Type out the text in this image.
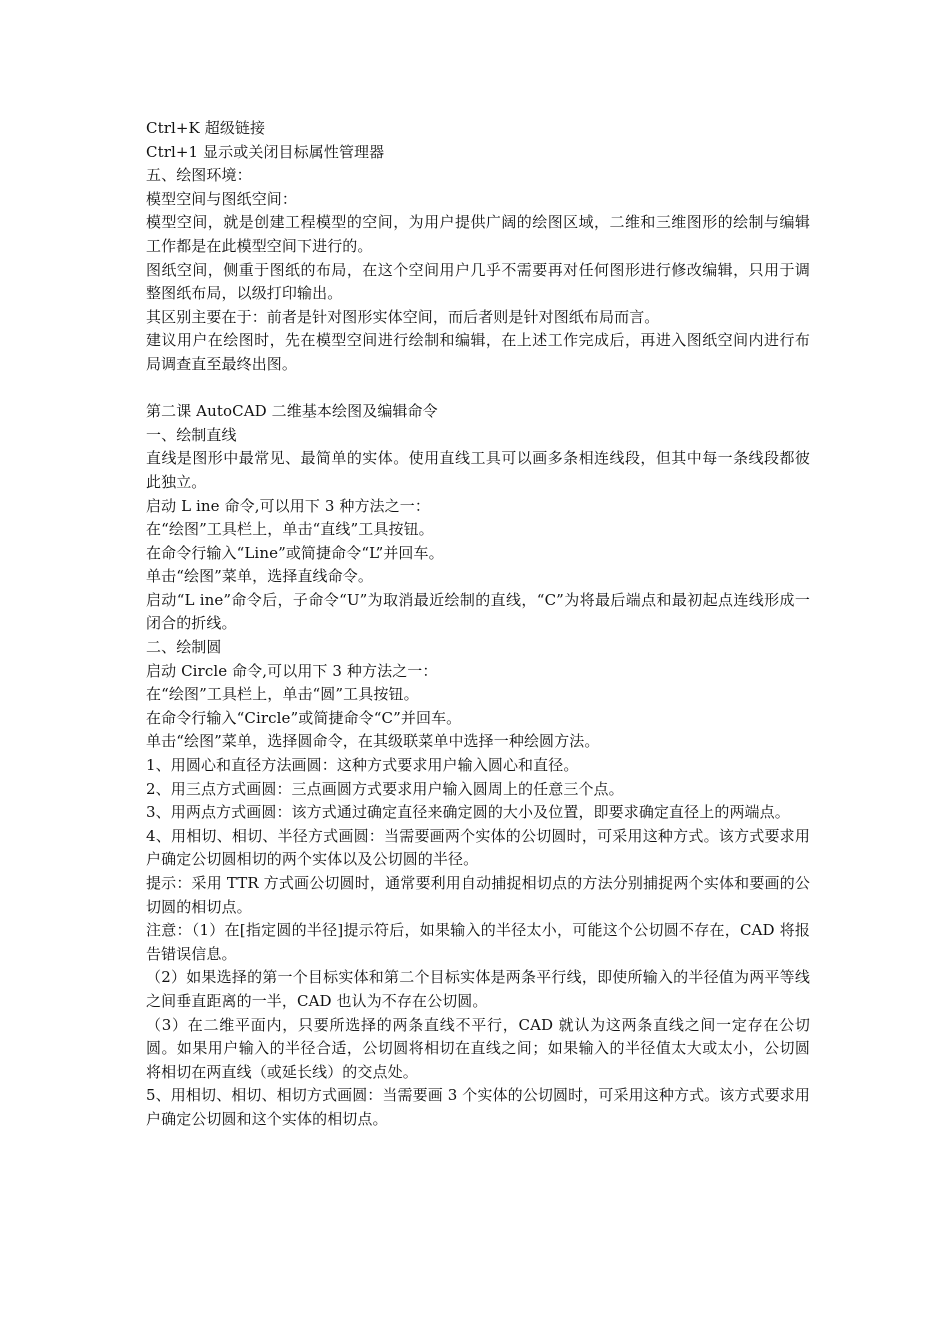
Ctrl+K 超级链接

Ctrl+1 显示或关闭目标属性管理器

五、绘图环境：

模型空间与图纸空间：

模型空间，就是创建工程模型的空间，为用户提供广阔的绘图区域，二维和三维图形的绘制与编辑工作都是在此模型空间下进行的。

图纸空间，侧重于图纸的布局，在这个空间用户几乎不需要再对任何图形进行修改编辑，只用于调整图纸布局，以级打印输出。

其区别主要在于：前者是针对图形实体空间，而后者则是针对图纸布局而言。

建议用户在绘图时，先在模型空间进行绘制和编辑，在上述工作完成后，再进入图纸空间内进行布局调查直至最终出图。

第二课 AutoCAD 二维基本绘图及编辑命令

一、绘制直线

直线是图形中最常见、最简单的实体。使用直线工具可以画多条相连线段，但其中每一条线段都彼此独立。

启动 L ine 命令,可以用下 3 种方法之一：

在“绘图”工具栏上，单击“直线”工具按钮。

在命令行输入“Line”或简捷命令“L”并回车。

单击“绘图”菜单，选择直线命令。

启动“L ine”命令后，子命令“U”为取消最近绘制的直线，“C”为将最后端点和最初起点连线形成一闭合的折线。

二、绘制圆

启动 Circle 命令,可以用下 3 种方法之一：

在“绘图”工具栏上，单击“圆”工具按钮。

在命令行输入“Circle”或简捷命令“C”并回车。

单击“绘图”菜单，选择圆命令，在其级联菜单中选择一种绘圆方法。

1、用圆心和直径方法画圆：这种方式要求用户输入圆心和直径。

2、用三点方式画圆：三点画圆方式要求用户输入圆周上的任意三个点。

3、用两点方式画圆：该方式通过确定直径来确定圆的大小及位置，即要求确定直径上的两端点。

4、用相切、相切、半径方式画圆：当需要画两个实体的公切圆时，可采用这种方式。该方式要求用户确定公切圆相切的两个实体以及公切圆的半径。

提示：采用 TTR 方式画公切圆时，通常要利用自动捕捉相切点的方法分别捕捉两个实体和要画的公切圆的相切点。

注意：（1）在[指定圆的半径]提示符后，如果输入的半径太小，可能这个公切圆不存在，CAD 将报告错误信息。

（2）如果选择的第一个目标实体和第二个目标实体是两条平行线，即使所输入的半径值为两平等线之间垂直距离的一半，CAD 也认为不存在公切圆。

（3）在二维平面内，只要所选择的两条直线不平行，CAD 就认为这两条直线之间一定存在公切圆。如果用户输入的半径合适，公切圆将相切在直线之间；如果输入的半径值太大或太小，公切圆将相切在两直线（或延长线）的交点处。

5、用相切、相切、相切方式画圆：当需要画 3 个实体的公切圆时，可采用这种方式。该方式要求用户确定公切圆和这个实体的相切点。
